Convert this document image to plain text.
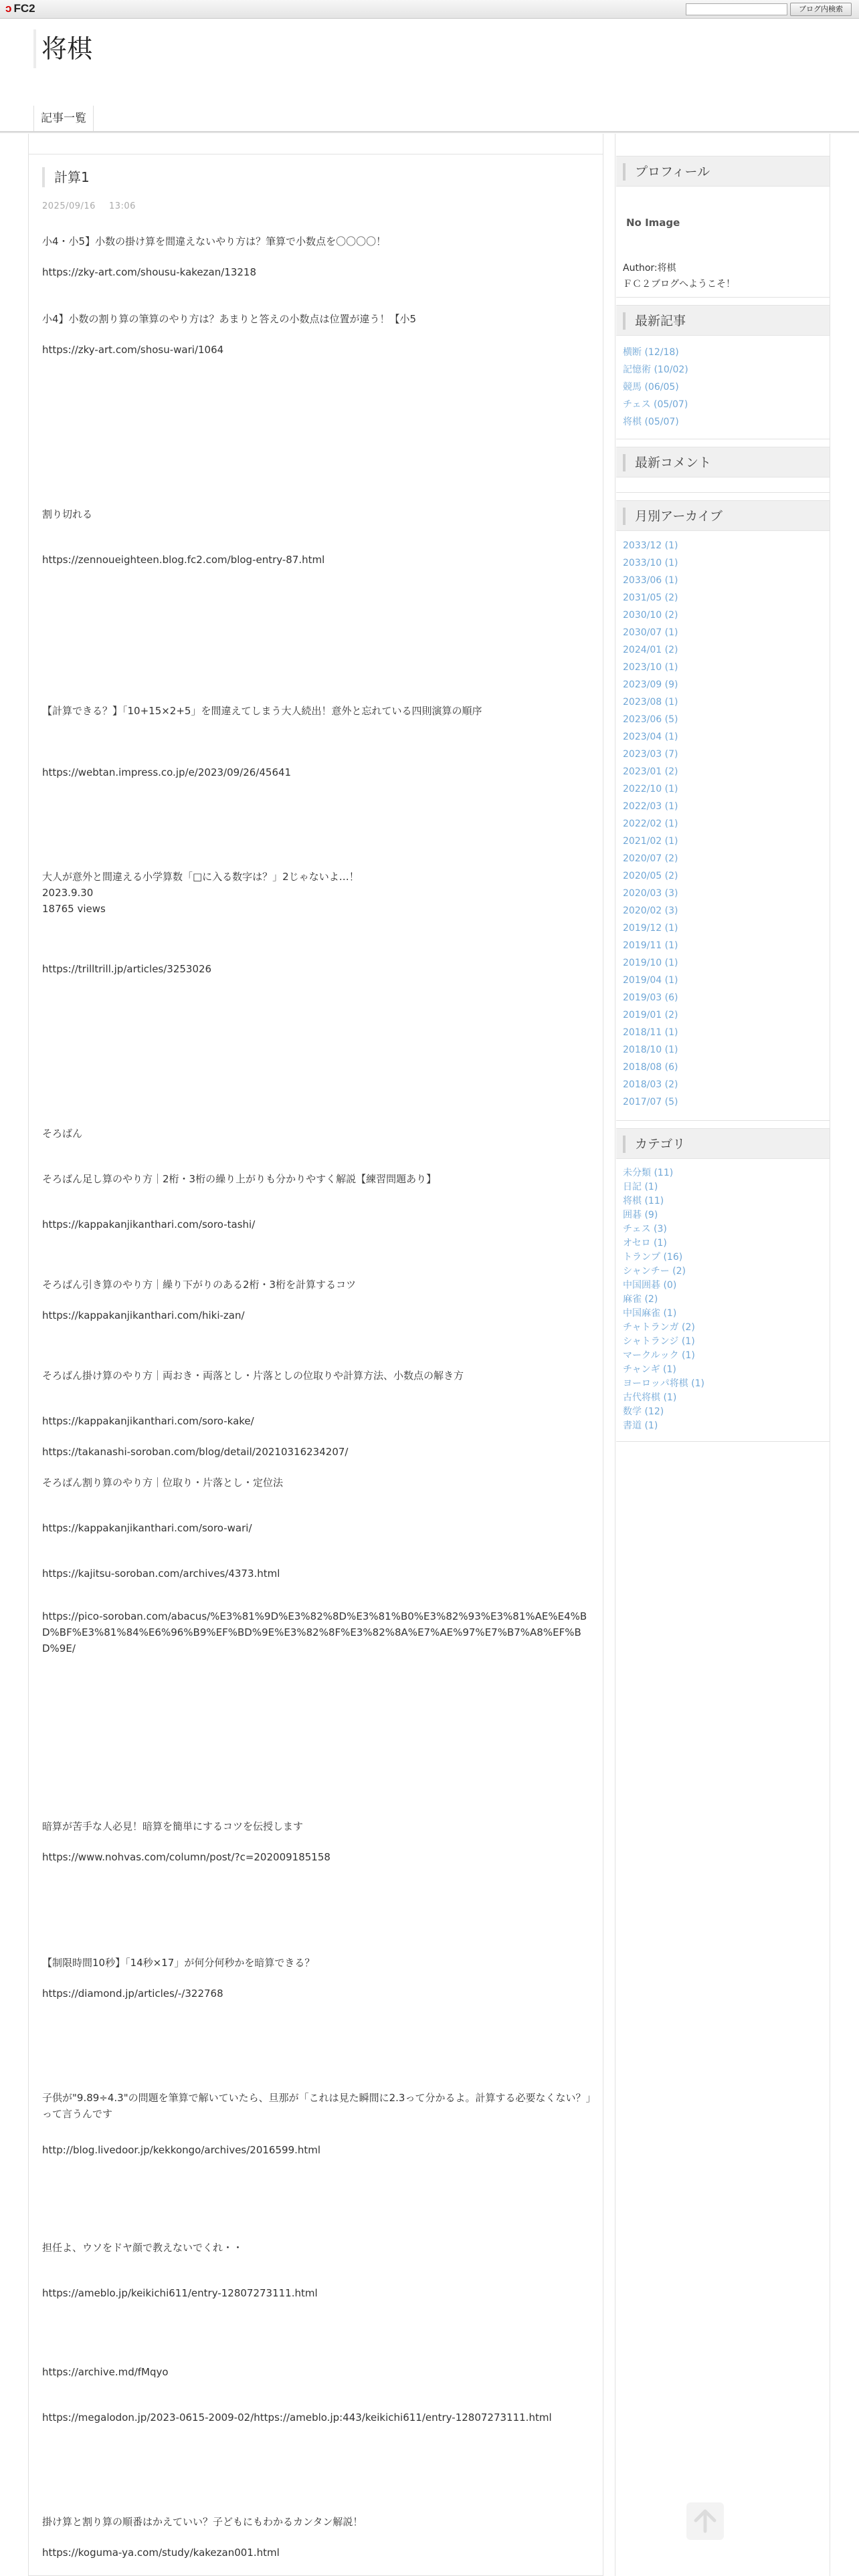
ↄ FC2	ブログ内検索
将棋
記事一覧
計算1
2025/09/16 13:06
小4・小5】小数の掛け算を間違えないやり方は？筆算で小数点を〇〇〇〇！
https://zky-art.com/shousu-kakezan/13218
小4】小数の割り算の筆算のやり方は？あまりと答えの小数点は位置が違う！【小5
https://zky-art.com/shosu-wari/1064
割り切れる
https://zennoueighteen.blog.fc2.com/blog-entry-87.html
【計算できる？】「10+15×2+5」を間違えてしまう大人続出！意外と忘れている四則演算の順序
https://webtan.impress.co.jp/e/2023/09/26/45641
大人が意外と間違える小学算数「□に入る数字は？」2じゃないよ…！
2023.9.30
18765 views
https://trilltrill.jp/articles/3253026
そろばん
そろばん足し算のやり方｜2桁・3桁の繰り上がりも分かりやすく解説【練習問題あり】
https://kappakanjikanthari.com/soro-tashi/
そろばん引き算のやり方｜繰り下がりのある2桁・3桁を計算するコツ
https://kappakanjikanthari.com/hiki-zan/
そろばん掛け算のやり方｜両おき・両落とし・片落としの位取りや計算方法、小数点の解き方
https://kappakanjikanthari.com/soro-kake/
https://takanashi-soroban.com/blog/detail/20210316234207/
そろばん割り算のやり方｜位取り・片落とし・定位法
https://kappakanjikanthari.com/soro-wari/
https://kajitsu-soroban.com/archives/4373.html
https://pico-soroban.com/abacus/%E3%81%9D%E3%82%8D%E3%81%B0%E3%82%93%E3%81%AE%E4%BD%BF%E3%81%84%E6%96%B9%EF%BD%9E%E3%82%8F%E3%82%8A%E7%AE%97%E7%B7%A8%EF%BD%9E/
暗算が苦手な人必見！暗算を簡単にするコツを伝授します
https://www.nohvas.com/column/post/?c=202009185158
【制限時間10秒】「14秒×17」が何分何秒かを暗算できる？
https://diamond.jp/articles/-/322768
子供が"9.89÷4.3"の問題を筆算で解いていたら、旦那が「これは見た瞬間に2.3って分かるよ。計算する必要なくない？」って言うんです
http://blog.livedoor.jp/kekkongo/archives/2016599.html
担任よ、ウソをドヤ顔で教えないでくれ・・
https://ameblo.jp/keikichi611/entry-12807273111.html
https://archive.md/fMqyo
https://megalodon.jp/2023-0615-2009-02/https://ameblo.jp:443/keikichi611/entry-12807273111.html
掛け算と割り算の順番はかえていい？子どもにもわかるカンタン解説！
https://koguma-ya.com/study/kakezan001.html
プロフィール
No Image
Author:将棋
ＦＣ２ブログへようこそ！
最新記事
横断 (12/18)
記憶術 (10/02)
競馬 (06/05)
チェス (05/07)
将棋 (05/07)
最新コメント
月別アーカイブ
2033/12 (1)
2033/10 (1)
2033/06 (1)
2031/05 (2)
2030/10 (2)
2030/07 (1)
2024/01 (2)
2023/10 (1)
2023/09 (9)
2023/08 (1)
2023/06 (5)
2023/04 (1)
2023/03 (7)
2023/01 (2)
2022/10 (1)
2022/03 (1)
2022/02 (1)
2021/02 (1)
2020/07 (2)
2020/05 (2)
2020/03 (3)
2020/02 (3)
2019/12 (1)
2019/11 (1)
2019/10 (1)
2019/04 (1)
2019/03 (6)
2019/01 (2)
2018/11 (1)
2018/10 (1)
2018/08 (6)
2018/03 (2)
2017/07 (5)
カテゴリ
未分類 (11)
日記 (1)
将棋 (11)
囲碁 (9)
チェス (3)
オセロ (1)
トランプ (16)
シャンチー (2)
中国囲碁 (0)
麻雀 (2)
中国麻雀 (1)
チャトランガ (2)
シャトランジ (1)
マークルック (1)
チャンギ (1)
ヨーロッパ将棋 (1)
古代将棋 (1)
数学 (12)
書道 (1)
